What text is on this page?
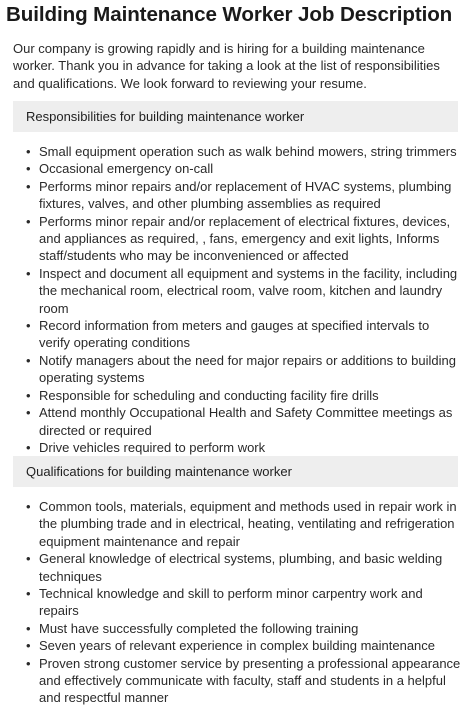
Building Maintenance Worker Job Description

Our company is growing rapidly and is hiring for a building maintenance worker. Thank you in advance for taking a look at the list of responsibilities and qualifications. We look forward to reviewing your resume.

Responsibilities for building maintenance worker
• Small equipment operation such as walk behind mowers, string trimmers
• Occasional emergency on-call
• Performs minor repairs and/or replacement of HVAC systems, plumbing fixtures, valves, and other plumbing assemblies as required
• Performs minor repair and/or replacement of electrical fixtures, devices, and appliances as required, , fans, emergency and exit lights, Informs staff/students who may be inconvenienced or affected
• Inspect and document all equipment and systems in the facility, including the mechanical room, electrical room, valve room, kitchen and laundry room
• Record information from meters and gauges at specified intervals to verify operating conditions
• Notify managers about the need for major repairs or additions to building operating systems
• Responsible for scheduling and conducting facility fire drills
• Attend monthly Occupational Health and Safety Committee meetings as directed or required
• Drive vehicles required to perform work
Qualifications for building maintenance worker
• Common tools, materials, equipment and methods used in repair work in the plumbing trade and in electrical, heating, ventilating and refrigeration equipment maintenance and repair
• General knowledge of electrical systems, plumbing, and basic welding techniques
• Technical knowledge and skill to perform minor carpentry work and repairs
• Must have successfully completed the following training
• Seven years of relevant experience in complex building maintenance
• Proven strong customer service by presenting a professional appearance and effectively communicate with faculty, staff and students in a helpful and respectful manner
